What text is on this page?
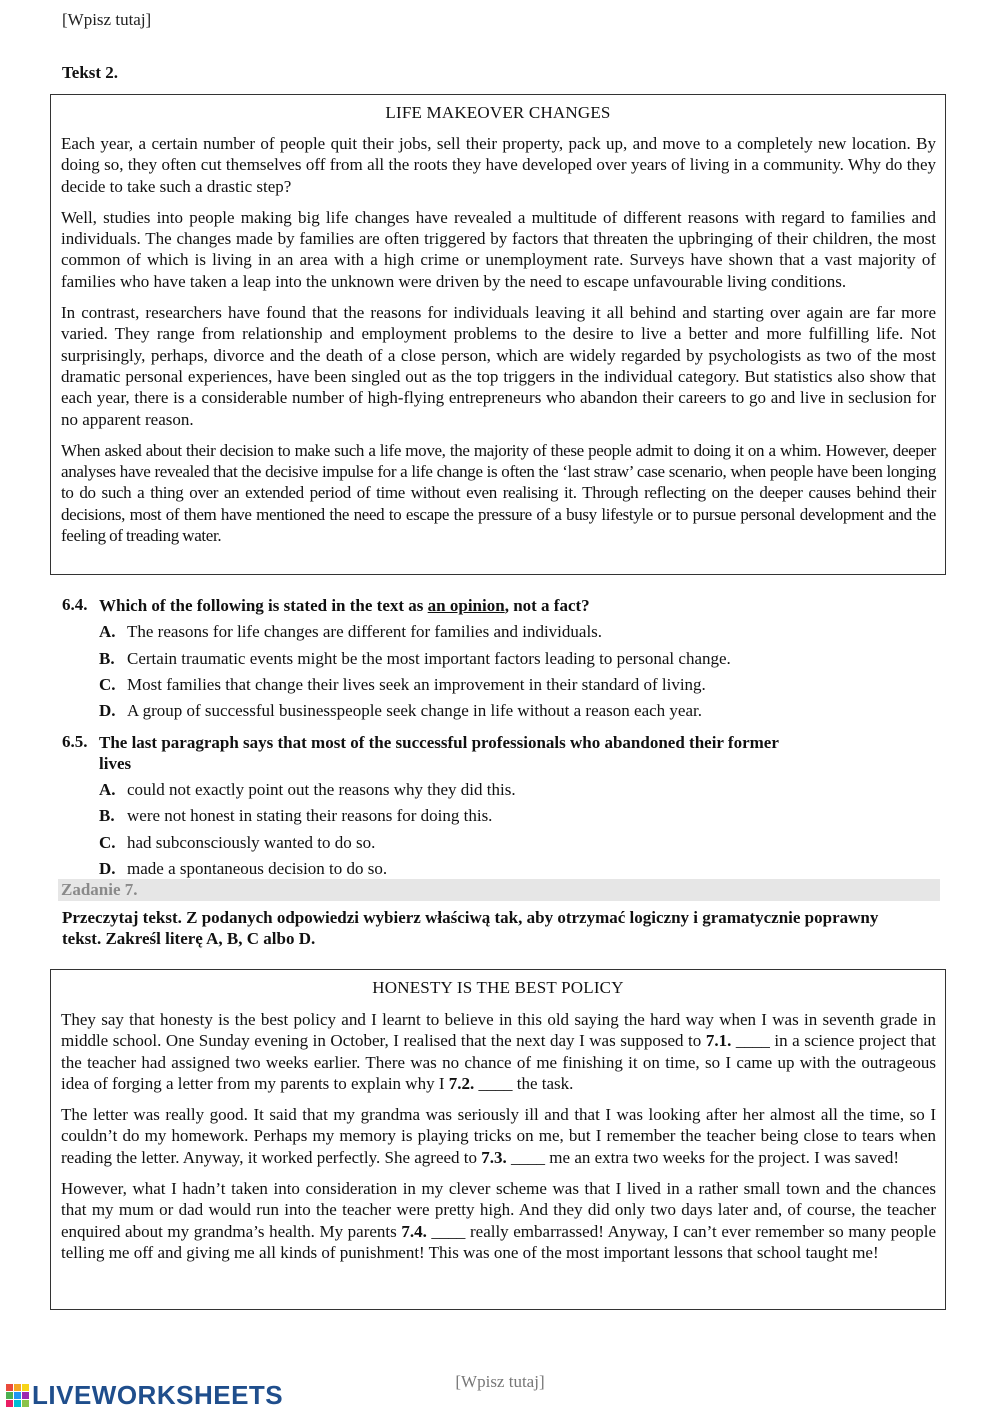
[Wpisz tutaj]
Tekst 2.

LIFE MAKEOVER CHANGES

Each year, a certain number of people quit their jobs, sell their property, pack up, and move to a completely new location. By doing so, they often cut themselves off from all the roots they have developed over years of living in a community. Why do they decide to take such a drastic step?

Well, studies into people making big life changes have revealed a multitude of different reasons with regard to families and individuals. The changes made by families are often triggered by factors that threaten the upbringing of their children, the most common of which is living in an area with a high crime or unemployment rate. Surveys have shown that a vast majority of families who have taken a leap into the unknown were driven by the need to escape unfavourable living conditions.

In contrast, researchers have found that the reasons for individuals leaving it all behind and starting over again are far more varied. They range from relationship and employment problems to the desire to live a better and more fulfilling life. Not surprisingly, perhaps, divorce and the death of a close person, which are widely regarded by psychologists as two of the most dramatic personal experiences, have been singled out as the top triggers in the individual category. But statistics also show that each year, there is a considerable number of high-flying entrepreneurs who abandon their careers to go and live in seclusion for no apparent reason.

When asked about their decision to make such a life move, the majority of these people admit to doing it on a whim. However, deeper analyses have revealed that the decisive impulse for a life change is often the ‘last straw’ case scenario, when people have been longing to do such a thing over an extended period of time without even realising it. Through reflecting on the deeper causes behind their decisions, most of them have mentioned the need to escape the pressure of a busy lifestyle or to pursue personal development and the feeling of treading water.

6.4. Which of the following is stated in the text as an opinion, not a fact?
A. The reasons for life changes are different for families and individuals.
B. Certain traumatic events might be the most important factors leading to personal change.
C. Most families that change their lives seek an improvement in their standard of living.
D. A group of successful businesspeople seek change in life without a reason each year.
6.5. The last paragraph says that most of the successful professionals who abandoned their former lives
A. could not exactly point out the reasons why they did this.
B. were not honest in stating their reasons for doing this.
C. had subconsciously wanted to do so.
D. made a spontaneous decision to do so.
Zadanie 7.
Przeczytaj tekst. Z podanych odpowiedzi wybierz właściwą tak, aby otrzymać logiczny i gramatycznie poprawny tekst. Zakreśl literę A, B, C albo D.

HONESTY IS THE BEST POLICY

They say that honesty is the best policy and I learnt to believe in this old saying the hard way when I was in seventh grade in middle school. One Sunday evening in October, I realised that the next day I was supposed to 7.1. ____ in a science project that the teacher had assigned two weeks earlier. There was no chance of me finishing it on time, so I came up with the outrageous idea of forging a letter from my parents to explain why I 7.2. ____ the task.

The letter was really good. It said that my grandma was seriously ill and that I was looking after her almost all the time, so I couldn’t do my homework. Perhaps my memory is playing tricks on me, but I remember the teacher being close to tears when reading the letter. Anyway, it worked perfectly. She agreed to 7.3. ____ me an extra two weeks for the project. I was saved!

However, what I hadn’t taken into consideration in my clever scheme was that I lived in a rather small town and the chances that my mum or dad would run into the teacher were pretty high. And they did only two days later and, of course, the teacher enquired about my grandma’s health. My parents 7.4. ____ really embarrassed! Anyway, I can’t ever remember so many people telling me off and giving me all kinds of punishment! This was one of the most important lessons that school taught me!

[Wpisz tutaj]
LIVEWORKSHEETS
